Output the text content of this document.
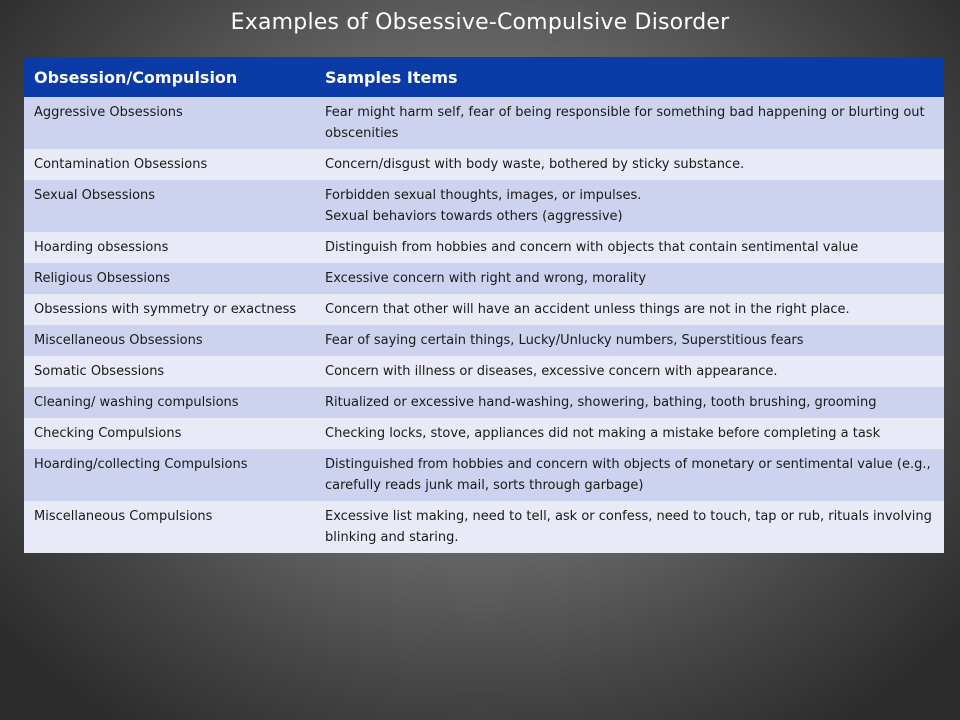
Examples of Obsessive-Compulsive Disorder
Obsession/Compulsion	Samples Items
Aggressive Obsessions	Fear might harm self, fear of being responsible for something bad happening or blurting out obscenities
Contamination Obsessions	Concern/disgust with body waste, bothered by sticky substance.
Sexual Obsessions	Forbidden sexual thoughts, images, or impulses.
Sexual behaviors towards others (aggressive)
Hoarding obsessions	Distinguish from hobbies and concern with objects that contain sentimental value
Religious Obsessions	Excessive concern with right and wrong, morality
Obsessions with symmetry or exactness	Concern that other will have an accident unless things are not in the right place.
Miscellaneous Obsessions	Fear of saying certain things, Lucky/Unlucky numbers, Superstitious fears
Somatic Obsessions	Concern with illness or diseases, excessive concern with appearance.
Cleaning/ washing compulsions	Ritualized or excessive hand-washing, showering, bathing, tooth brushing, grooming
Checking Compulsions	Checking locks, stove, appliances did not making a mistake before completing a task
Hoarding/collecting Compulsions	Distinguished from hobbies and concern with objects of monetary or sentimental value (e.g., carefully reads junk mail, sorts through garbage)
Miscellaneous Compulsions	Excessive list making, need to tell, ask or confess, need to touch, tap or rub, rituals involving blinking and staring.
